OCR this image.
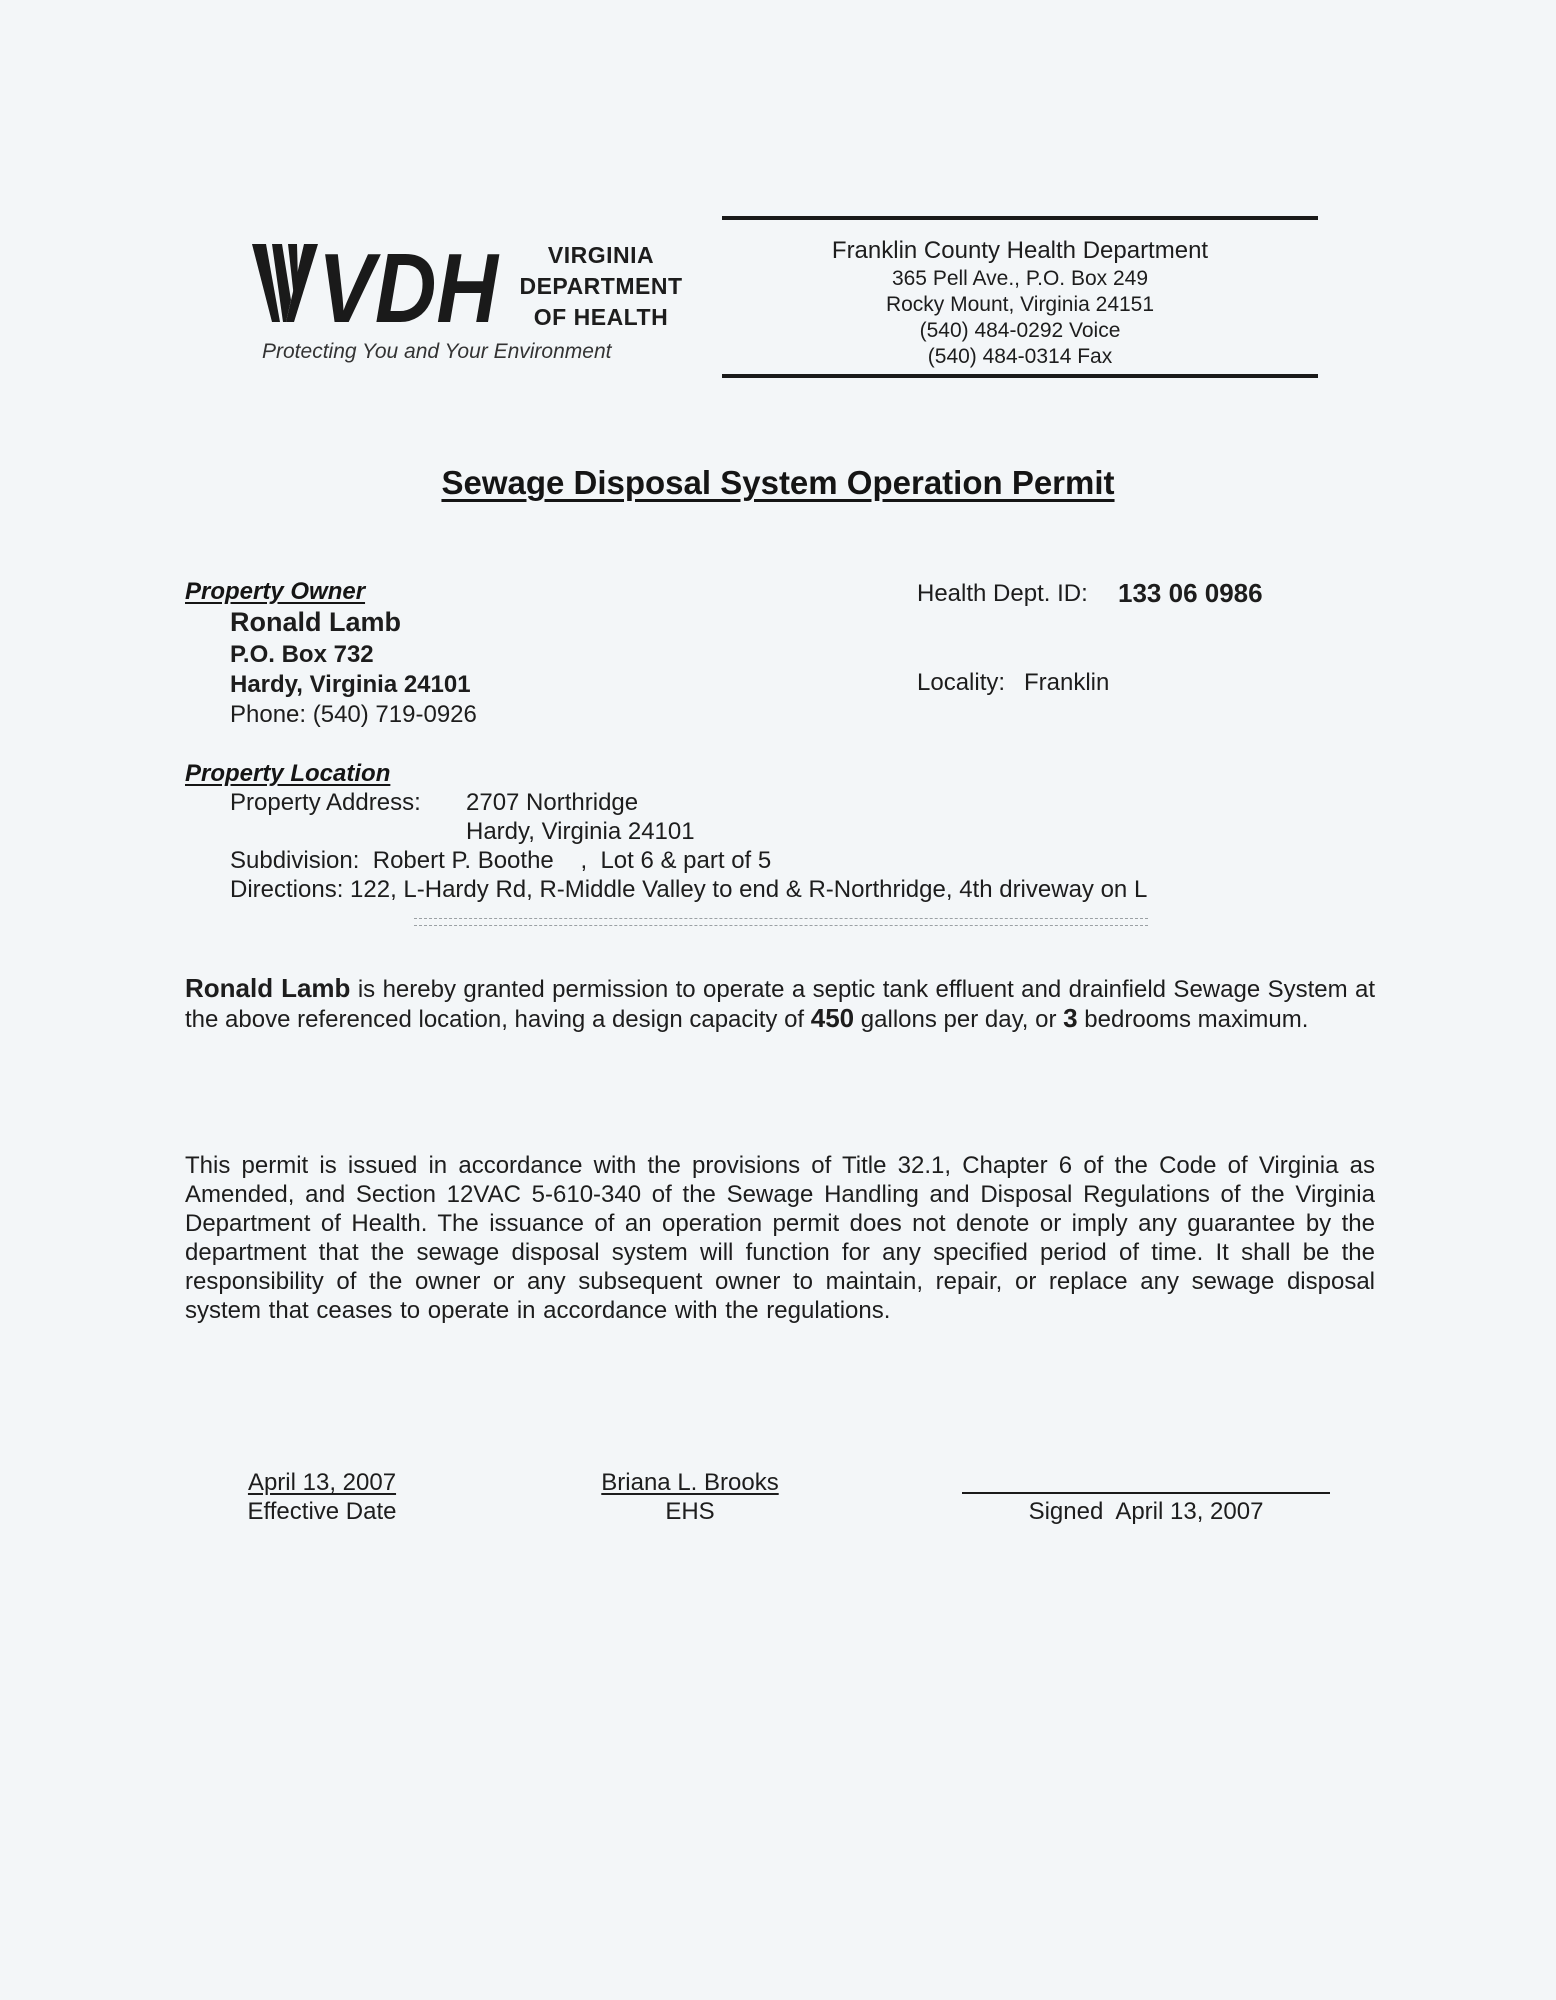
VDH	VIRGINIA
DEPARTMENT
OF HEALTH
Protecting You and Your Environment
Franklin County Health Department
365 Pell Ave., P.O. Box 249
Rocky Mount, Virginia 24151
(540) 484-0292 Voice
(540) 484-0314 Fax
Sewage Disposal System Operation Permit
Property Owner
Ronald Lamb
P.O. Box 732
Hardy, Virginia 24101
Phone: (540) 719-0926
Health Dept. ID: 133 06 0986
Locality: Franklin
Property Location
Property Address: 2707 Northridge
Hardy, Virginia 24101
Subdivision:  Robert P. Boothe    ,  Lot 6 & part of 5
Directions: 122, L-Hardy Rd, R-Middle Valley to end & R-Northridge, 4th driveway on L
Ronald Lamb is hereby granted permission to operate a septic tank effluent and drainfield Sewage System at the above referenced location, having a design capacity of 450 gallons per day, or 3 bedrooms maximum.
This permit is issued in accordance with the provisions of Title 32.1, Chapter 6 of the Code of Virginia as Amended, and Section 12VAC 5-610-340 of the Sewage Handling and Disposal Regulations of the Virginia Department of Health. The issuance of an operation permit does not denote or imply any guarantee by the department that the sewage disposal system will function for any specified period of time. It shall be the responsibility of the owner or any subsequent owner to maintain, repair, or replace any sewage disposal system that ceases to operate in accordance with the regulations.
April 13, 2007
Effective Date
Briana L. Brooks
EHS	Signed  April 13, 2007
